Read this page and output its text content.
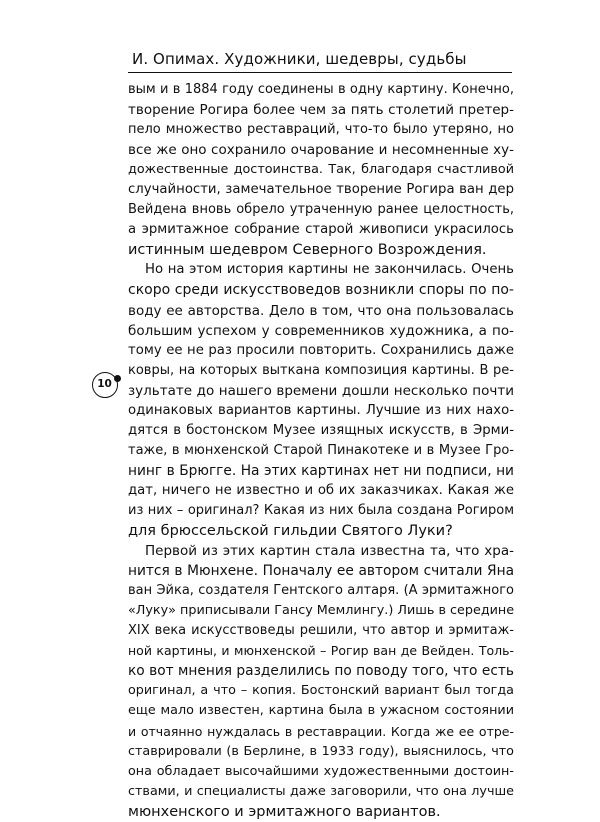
И. Опимах. Художники, шедевры, судьбы
10
вым и в 1884 году соединены в одну картину. Конечно,
творение Рогира более чем за пять столетий претер-
пело множество реставраций, что-то было утеряно, но
все же оно сохранило очарование и несомненные ху-
дожественные достоинства. Так, благодаря счастливой
случайности, замечательное творение Рогира ван дер
Вейдена вновь обрело утраченную ранее целостность,
а эрмитажное собрание старой живописи украсилось
истинным шедевром Северного Возрождения.
Но на этом история картины не закончилась. Очень
скоро среди искусствоведов возникли споры по по-
воду ее авторства. Дело в том, что она пользовалась
большим успехом у современников художника, а по-
тому ее не раз просили повторить. Сохранились даже
ковры, на которых выткана композиция картины. В ре-
зультате до нашего времени дошли несколько почти
одинаковых вариантов картины. Лучшие из них нахо-
дятся в бостонском Музее изящных искусств, в Эрми-
таже, в мюнхенской Старой Пинакотеке и в Музее Гро-
нинг в Брюгге. На этих картинах нет ни подписи, ни
дат, ничего не известно и об их заказчиках. Какая же
из них – оригинал? Какая из них была создана Рогиром
для брюссельской гильдии Святого Луки?
Первой из этих картин стала известна та, что хра-
нится в Мюнхене. Поначалу ее автором считали Яна
ван Эйка, создателя Гентского алтаря. (А эрмитажного
«Луку» приписывали Гансу Мемлингу.) Лишь в середине
XIX века искусствоведы решили, что автор и эрмитаж-
ной картины, и мюнхенской – Рогир ван де Вейден. Толь-
ко вот мнения разделились по поводу того, что есть
оригинал, а что – копия. Бостонский вариант был тогда
еще мало известен, картина была в ужасном состоянии
и отчаянно нуждалась в реставрации. Когда же ее отре-
ставрировали (в Берлине, в 1933 году), выяснилось, что
она обладает высочайшими художественными достоин-
ствами, и специалисты даже заговорили, что она лучше
мюнхенского и эрмитажного вариантов.
